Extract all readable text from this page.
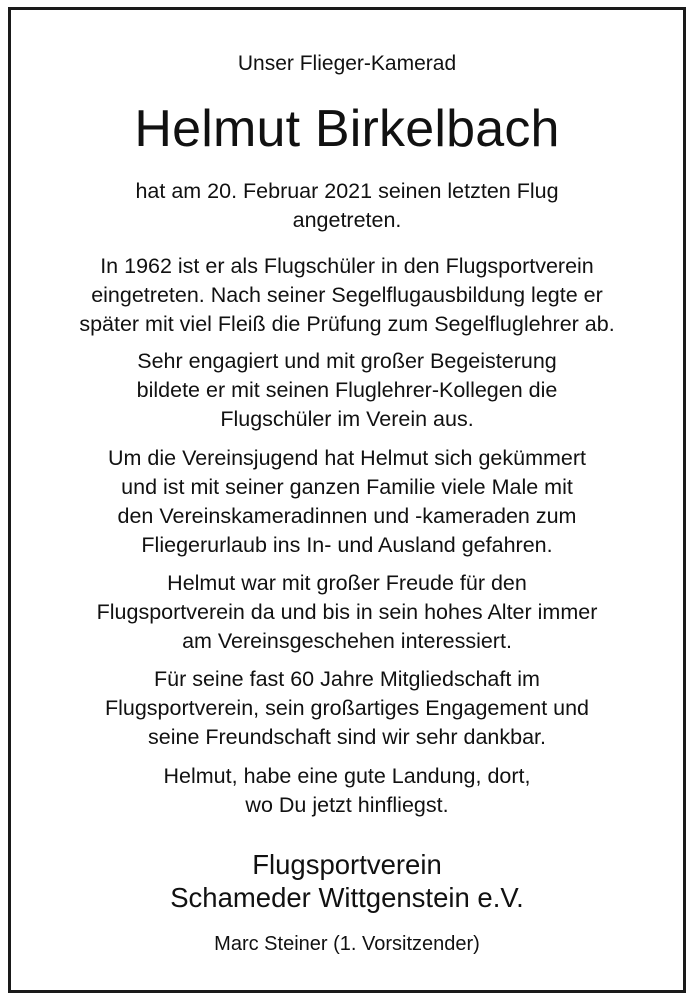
Unser Flieger-Kamerad
Helmut Birkelbach
hat am 20. Februar 2021 seinen letzten Flug
angetreten.
In 1962 ist er als Flugschüler in den Flugsportverein
eingetreten. Nach seiner Segelflugausbildung legte er
später mit viel Fleiß die Prüfung zum Segelfluglehrer ab.
Sehr engagiert und mit großer Begeisterung
bildete er mit seinen Fluglehrer-Kollegen die
Flugschüler im Verein aus.
Um die Vereinsjugend hat Helmut sich gekümmert
und ist mit seiner ganzen Familie viele Male mit
den Vereinskameradinnen und -kameraden zum
Fliegerurlaub ins In- und Ausland gefahren.
Helmut war mit großer Freude für den
Flugsportverein da und bis in sein hohes Alter immer
am Vereinsgeschehen interessiert.
Für seine fast 60 Jahre Mitgliedschaft im
Flugsportverein, sein großartiges Engagement und
seine Freundschaft sind wir sehr dankbar.
Helmut, habe eine gute Landung, dort,
wo Du jetzt hinfliegst.
Flugsportverein
Schameder Wittgenstein e.V.
Marc Steiner (1. Vorsitzender)
